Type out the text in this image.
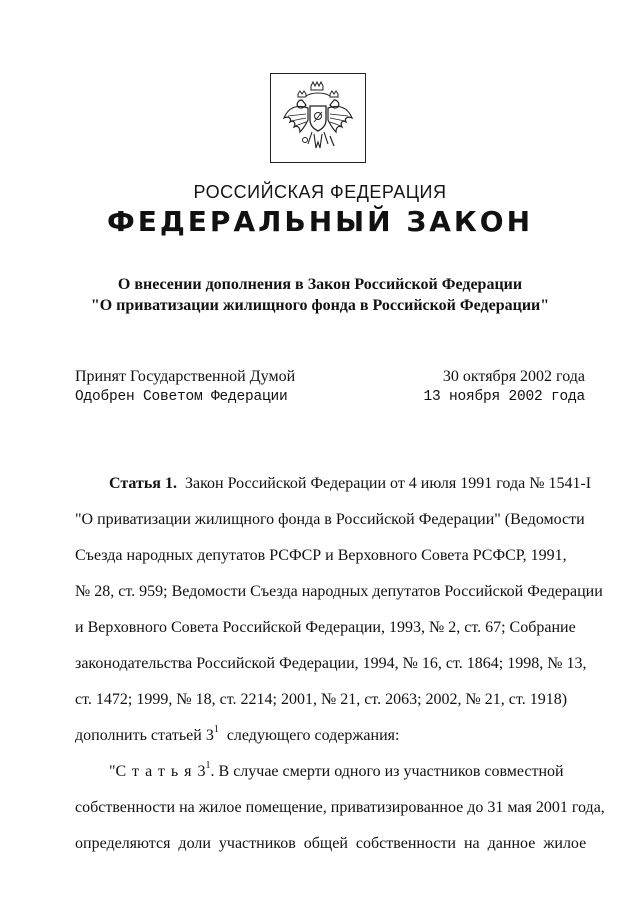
РОССИЙСКАЯ ФЕДЕРАЦИЯ
ФЕДЕРАЛЬНЫЙ ЗАКОН
О внесении дополнения в Закон Российской Федерации
"О приватизации жилищного фонда в Российской Федерации"
Принят Государственной Думой	30 октября 2002 года
Одобрен Советом Федерации	13 ноября 2002 года
Статья 1. Закон Российской Федерации от 4 июля 1991 года № 1541-I
"О приватизации жилищного фонда в Российской Федерации" (Ведомости
Съезда народных депутатов РСФСР и Верховного Совета РСФСР, 1991,
№ 28, ст. 959; Ведомости Съезда народных депутатов Российской Федерации
и Верховного Совета Российской Федерации, 1993, № 2, ст. 67; Собрание
законодательства Российской Федерации, 1994, № 16, ст. 1864; 1998, № 13,
ст. 1472; 1999, № 18, ст. 2214; 2001, № 21, ст. 2063; 2002, № 21, ст. 1918)
дополнить статьей $3^1$  следующего содержания:
"$Статья3^1$. В случае смерти одного из участников совместной
собственности на жилое помещение, приватизированное до 31 мая 2001 года,
определяются  доли  участников  общей  собственности  на  данное  жилое
